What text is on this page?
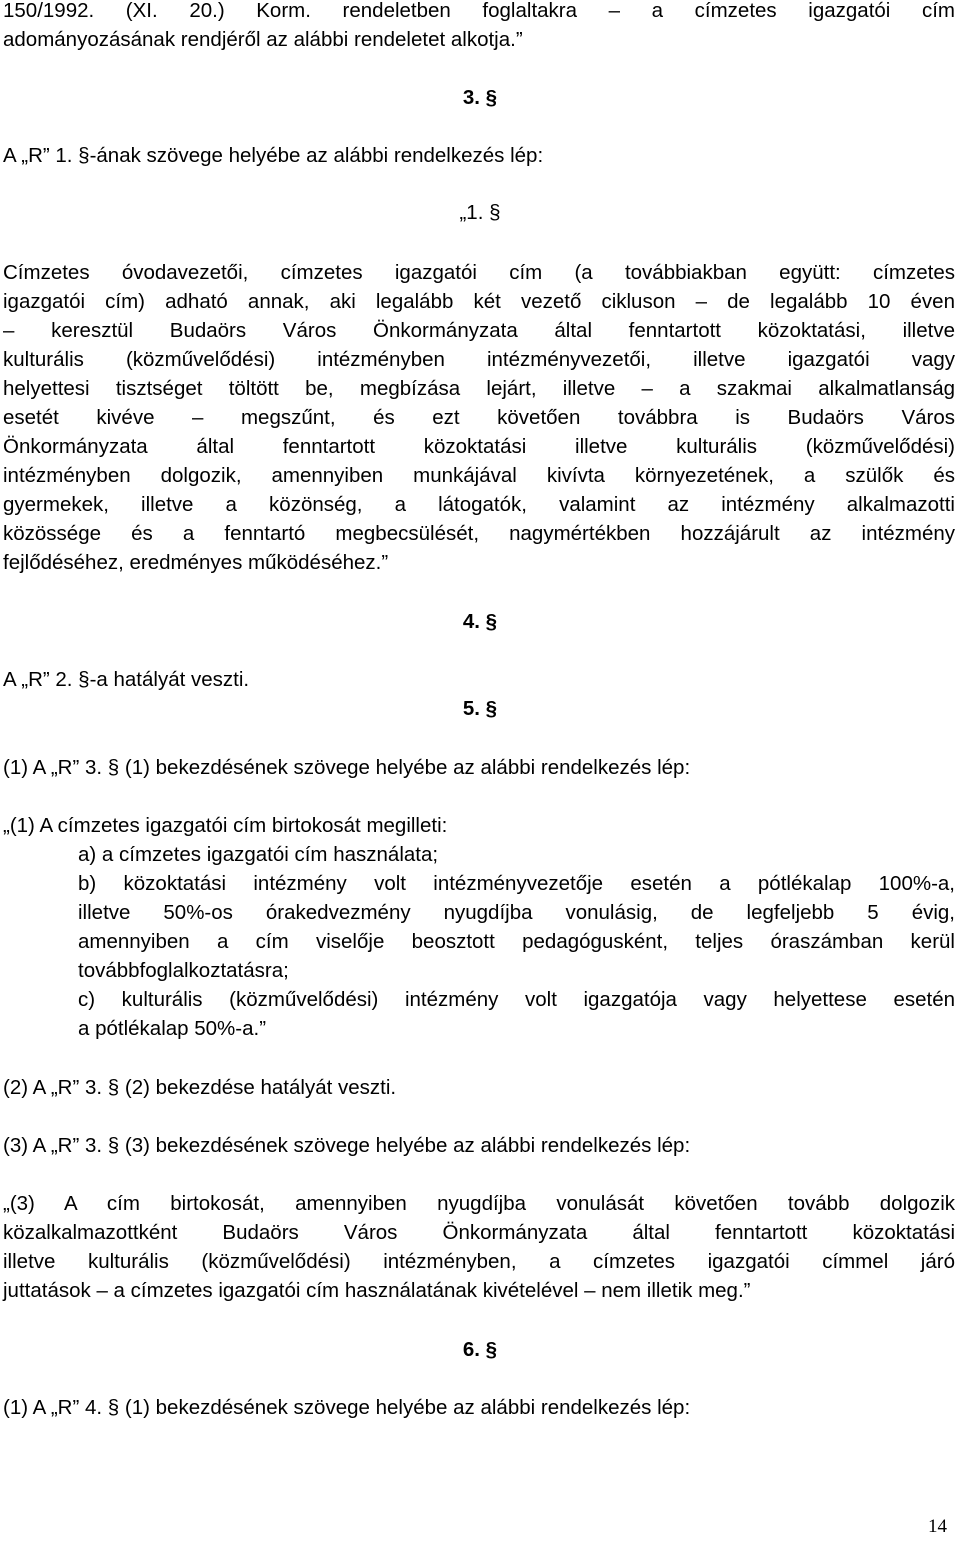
150/1992. (XI. 20.) Korm. rendeletben foglaltakra – a címzetes igazgatói cím
adományozásának rendjéről az alábbi rendeletet alkotja.”
3. §
A „R” 1. §-ának szövege helyébe az alábbi rendelkezés lép:
„1. §
Címzetes óvodavezetői, címzetes igazgatói cím (a továbbiakban együtt: címzetes
igazgatói cím) adható annak, aki legalább két vezető cikluson – de legalább 10 éven
– keresztül Budaörs Város Önkormányzata által fenntartott közoktatási, illetve
kulturális (közművelődési) intézményben intézményvezetői, illetve igazgatói vagy
helyettesi tisztséget töltött be, megbízása lejárt, illetve – a szakmai alkalmatlanság
esetét kivéve – megszűnt, és ezt követően továbbra is Budaörs Város
Önkormányzata által fenntartott közoktatási illetve kulturális (közművelődési)
intézményben dolgozik, amennyiben munkájával kivívta környezetének, a szülők és
gyermekek, illetve a közönség, a látogatók, valamint az intézmény alkalmazotti
közössége és a fenntartó megbecsülését, nagymértékben hozzájárult az intézmény
fejlődéséhez, eredményes működéséhez.”
4. §
A „R” 2. §-a hatályát veszti.
5. §
(1) A „R” 3. § (1) bekezdésének szövege helyébe az alábbi rendelkezés lép:
„(1) A címzetes igazgatói cím birtokosát megilleti:
a) a címzetes igazgatói cím használata;
b) közoktatási intézmény volt intézményvezetője esetén a pótlékalap 100%-a,
illetve 50%-os órakedvezmény nyugdíjba vonulásig, de legfeljebb 5 évig,
amennyiben a cím viselője beosztott pedagógusként, teljes óraszámban kerül
továbbfoglalkoztatásra;
c) kulturális (közművelődési) intézmény volt igazgatója vagy helyettese esetén
a pótlékalap 50%-a.”
(2) A „R” 3. § (2) bekezdése hatályát veszti.
(3) A „R” 3. § (3) bekezdésének szövege helyébe az alábbi rendelkezés lép:
„(3) A cím birtokosát, amennyiben nyugdíjba vonulását követően tovább dolgozik
közalkalmazottként Budaörs Város Önkormányzata által fenntartott közoktatási
illetve kulturális (közművelődési) intézményben, a címzetes igazgatói címmel járó
juttatások – a címzetes igazgatói cím használatának kivételével – nem illetik meg.”
6. §
(1) A „R” 4. § (1) bekezdésének szövege helyébe az alábbi rendelkezés lép:
14
